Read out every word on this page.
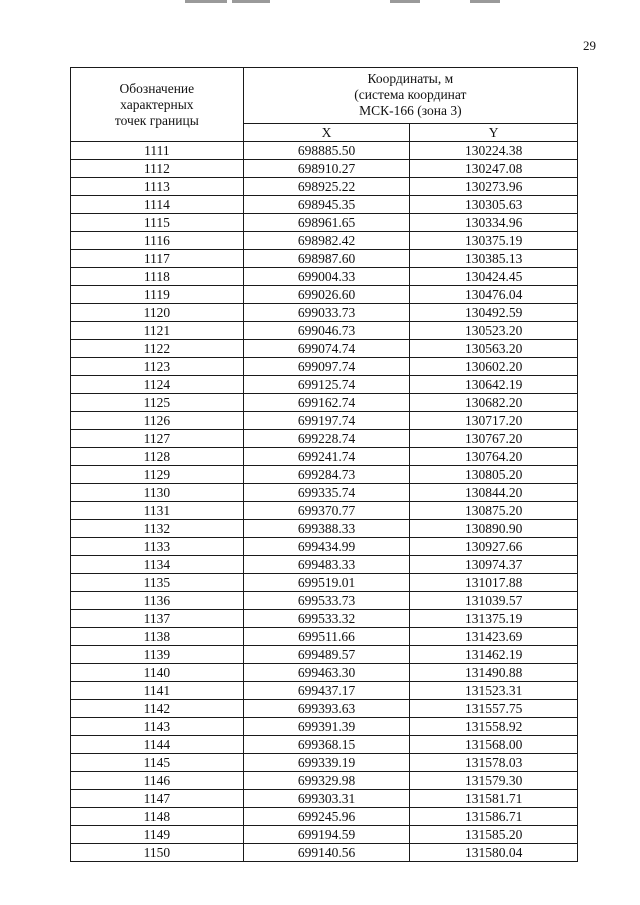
29
Обозначение
характерных
точек границы	Координаты, м
(система координат
МСК-166 (зона 3)	

	X	Y
1111	698885.50	130224.38
1112	698910.27	130247.08
1113	698925.22	130273.96
1114	698945.35	130305.63
1115	698961.65	130334.96
1116	698982.42	130375.19
1117	698987.60	130385.13
1118	699004.33	130424.45
1119	699026.60	130476.04
1120	699033.73	130492.59
1121	699046.73	130523.20
1122	699074.74	130563.20
1123	699097.74	130602.20
1124	699125.74	130642.19
1125	699162.74	130682.20
1126	699197.74	130717.20
1127	699228.74	130767.20
1128	699241.74	130764.20
1129	699284.73	130805.20
1130	699335.74	130844.20
1131	699370.77	130875.20
1132	699388.33	130890.90
1133	699434.99	130927.66
1134	699483.33	130974.37
1135	699519.01	131017.88
1136	699533.73	131039.57
1137	699533.32	131375.19
1138	699511.66	131423.69
1139	699489.57	131462.19
1140	699463.30	131490.88
1141	699437.17	131523.31
1142	699393.63	131557.75
1143	699391.39	131558.92
1144	699368.15	131568.00
1145	699339.19	131578.03
1146	699329.98	131579.30
1147	699303.31	131581.71
1148	699245.96	131586.71
1149	699194.59	131585.20
1150	699140.56	131580.04
